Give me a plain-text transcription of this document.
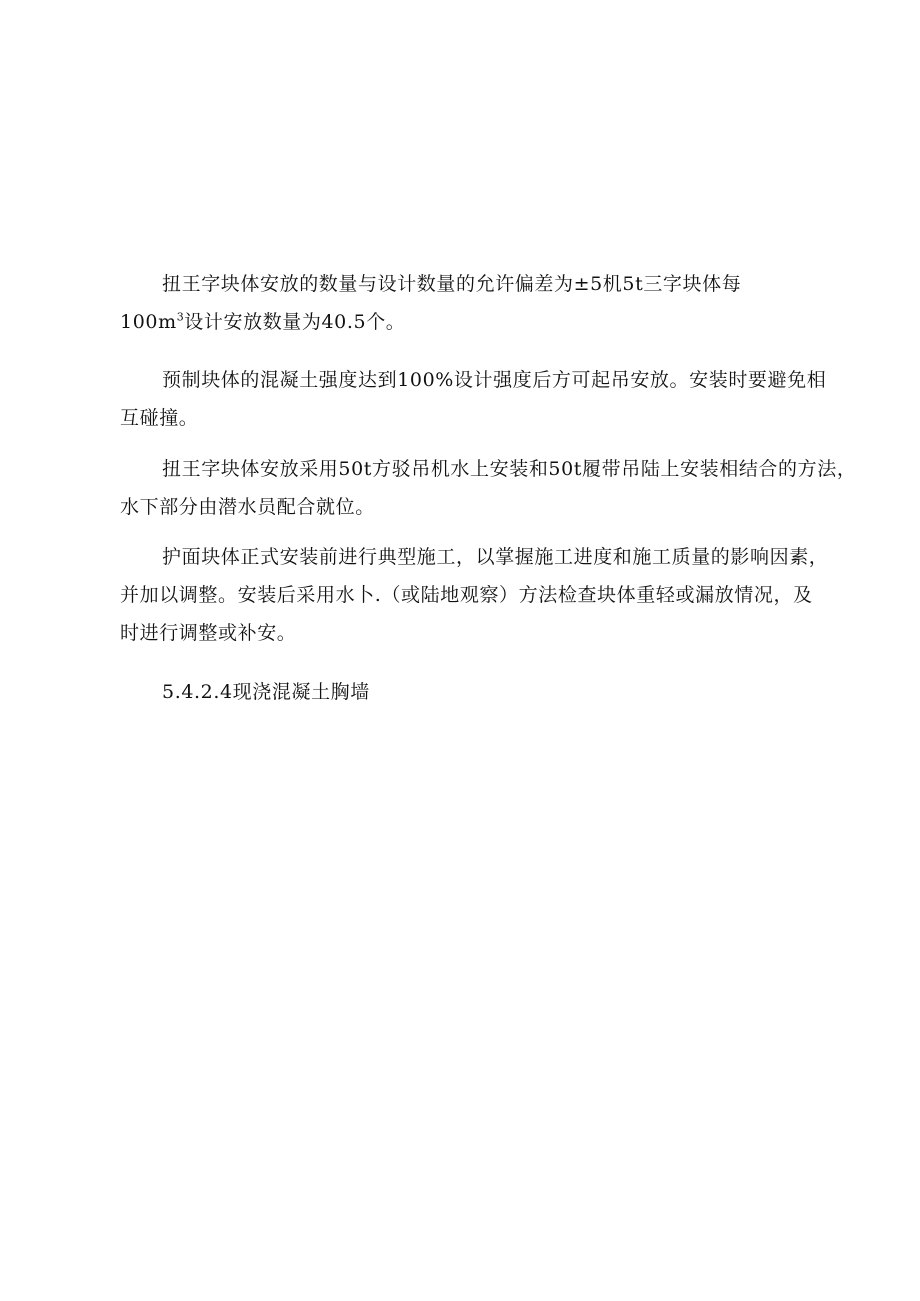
扭王字块体安放的数量与设计数量的允许偏差为±5机5t三字块体每
$100m^3$设计安放数量为40.5个。

预制块体的混凝土强度达到100%设计强度后方可起吊安放。安装时要避免相
互碰撞。

扭王字块体安放采用50t方驳吊机水上安装和50t履带吊陆上安装相结合的方法，
水下部分由潜水员配合就位。

护面块体正式安装前进行典型施工，以掌握施工进度和施工质量的影响因素，
并加以调整。安装后采用水卜.（或陆地观察）方法检查块体重轻或漏放情况，及
时进行调整或补安。

5.4.2.4现浇混凝土胸墙
